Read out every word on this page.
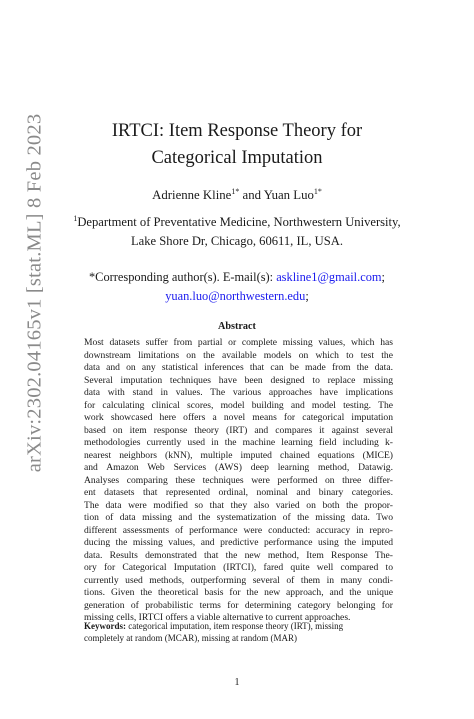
arXiv:2302.04165v1 [stat.ML] 8 Feb 2023	IRTCI: Item Response Theory for
Categorical Imputation
Adrienne Kline$^{1*}$ and Yuan Luo$^{1*}$
$^1$Department of Preventative Medicine, Northwestern University,
Lake Shore Dr, Chicago, 60611, IL, USA.
*Corresponding author(s). E-mail(s): askline1@gmail.com;
yuan.luo@northwestern.edu;
Abstract
Most datasets suffer from partial or complete missing values, which has
downstream limitations on the available models on which to test the
data and on any statistical inferences that can be made from the data.
Several imputation techniques have been designed to replace missing
data with stand in values. The various approaches have implications
for calculating clinical scores, model building and model testing. The
work showcased here offers a novel means for categorical imputation
based on item response theory (IRT) and compares it against several
methodologies currently used in the machine learning field including k-
nearest neighbors (kNN), multiple imputed chained equations (MICE)
and Amazon Web Services (AWS) deep learning method, Datawig.
Analyses comparing these techniques were performed on three differ-
ent datasets that represented ordinal, nominal and binary categories.
The data were modified so that they also varied on both the propor-
tion of data missing and the systematization of the missing data. Two
different assessments of performance were conducted: accuracy in repro-
ducing the missing values, and predictive performance using the imputed
data. Results demonstrated that the new method, Item Response The-
ory for Categorical Imputation (IRTCI), fared quite well compared to
currently used methods, outperforming several of them in many condi-
tions. Given the theoretical basis for the new approach, and the unique
generation of probabilistic terms for determining category belonging for
missing cells, IRTCI offers a viable alternative to current approaches.
Keywords: categorical imputation, item response theory (IRT), missing
completely at random (MCAR), missing at random (MAR)
1
